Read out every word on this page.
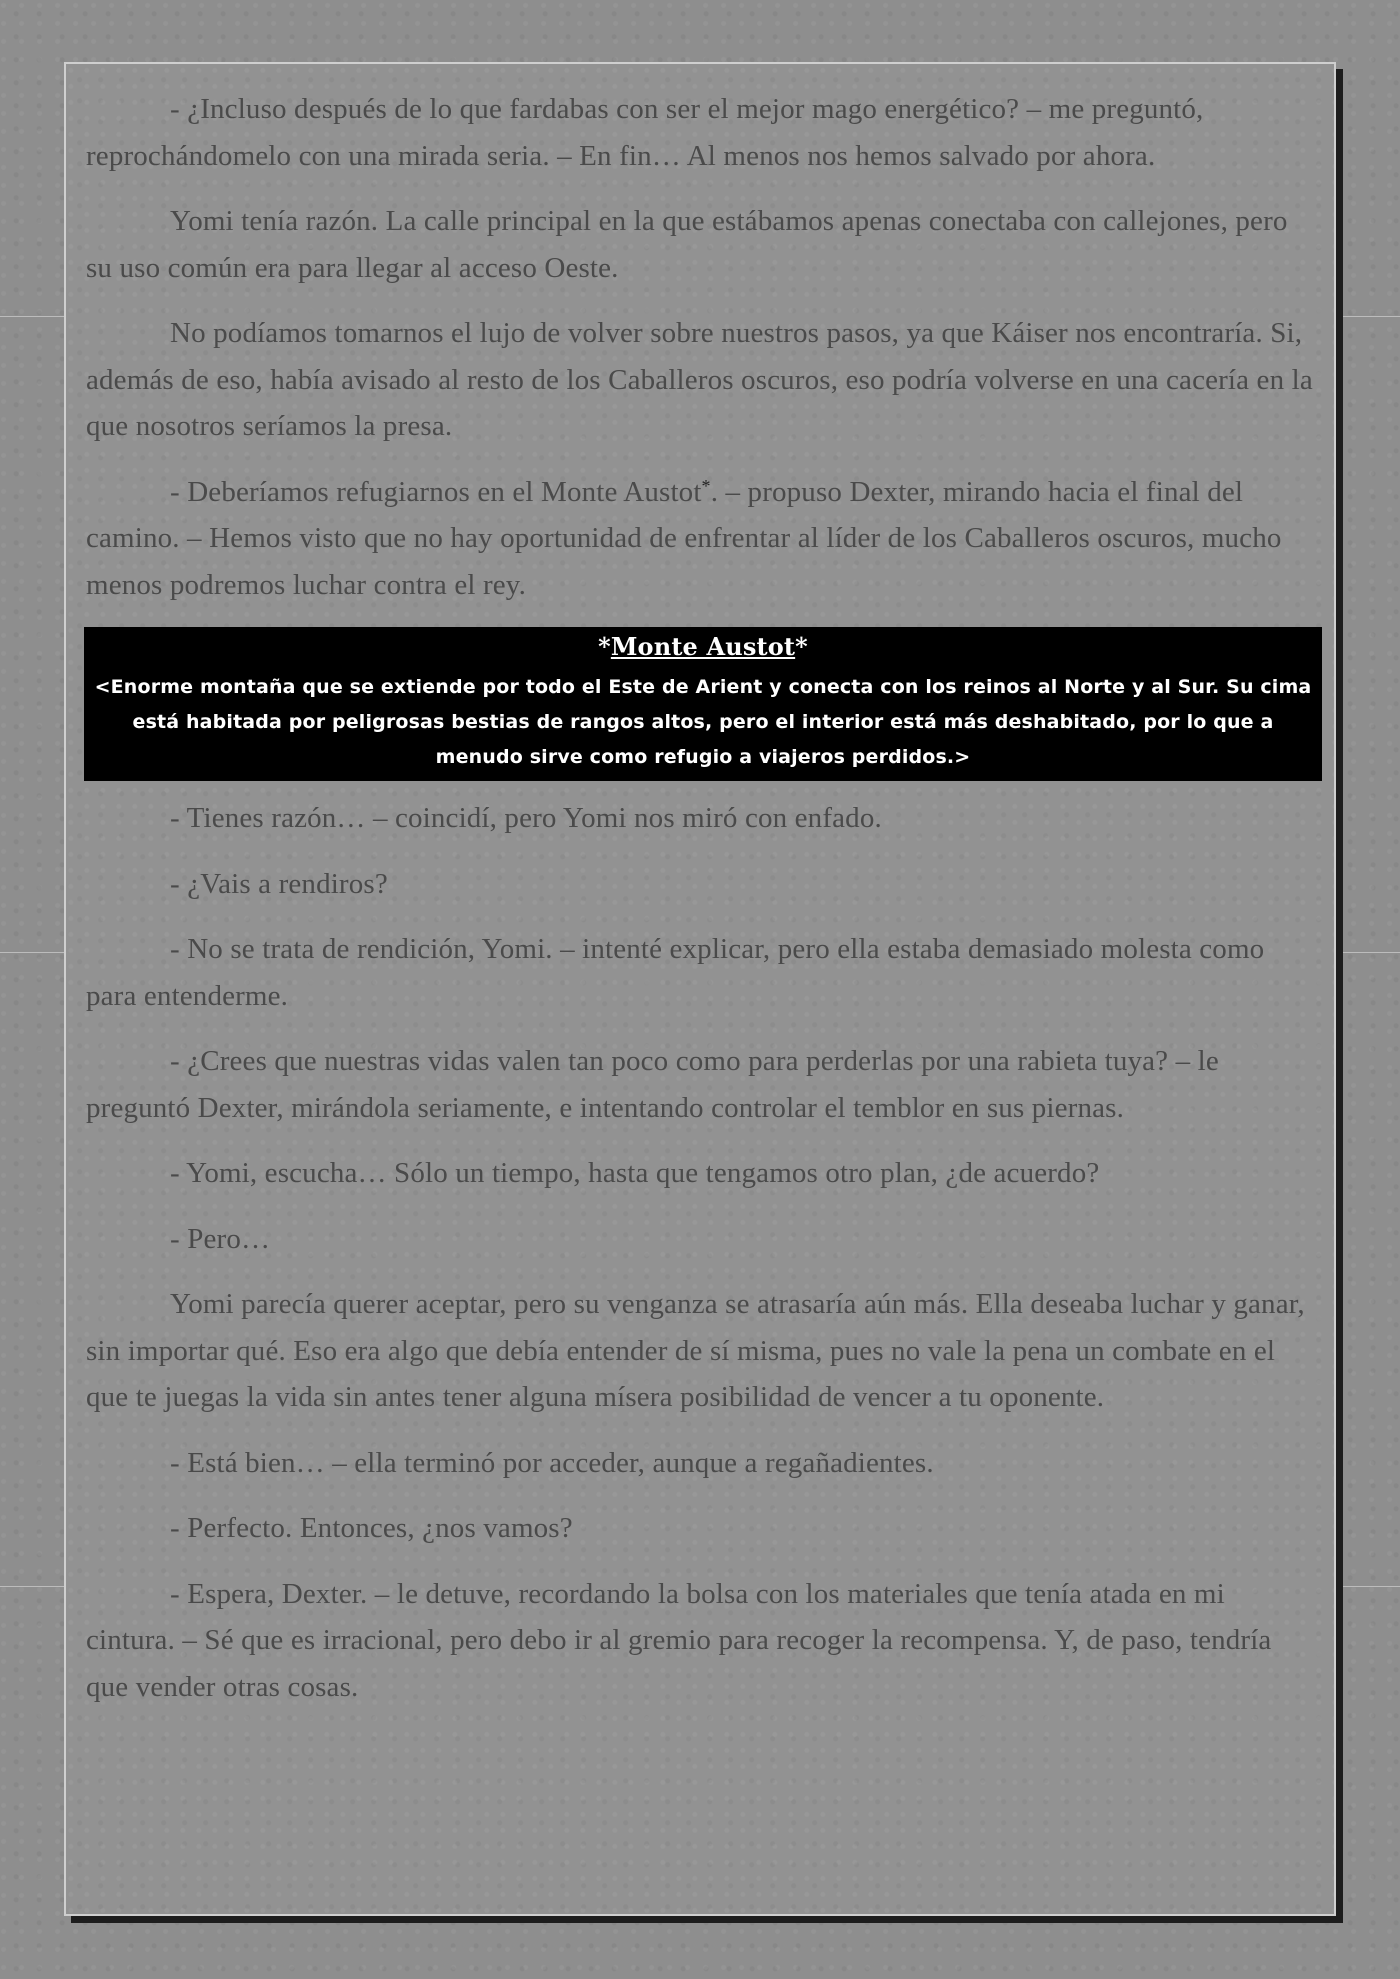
- ¿Incluso después de lo que fardabas con ser el mejor mago energético? – me preguntó, reprochándomelo con una mirada seria. – En fin… Al menos nos hemos salvado por ahora.

Yomi tenía razón. La calle principal en la que estábamos apenas conectaba con callejones, pero su uso común era para llegar al acceso Oeste.

No podíamos tomarnos el lujo de volver sobre nuestros pasos, ya que Káiser nos encontraría. Si, además de eso, había avisado al resto de los Caballeros oscuros, eso podría volverse en una cacería en la que nosotros seríamos la presa.

- Deberíamos refugiarnos en el Monte Austot*. – propuso Dexter, mirando hacia el final del camino. – Hemos visto que no hay oportunidad de enfrentar al líder de los Caballeros oscuros, mucho menos podremos luchar contra el rey.

*Monte Austot*
<Enorme montaña que se extiende por todo el Este de Arient y conecta con los reinos al Norte y al Sur. Su cima está habitada por peligrosas bestias de rangos altos, pero el interior está más deshabitado, por lo que a menudo sirve como refugio a viajeros perdidos.>

- Tienes razón… – coincidí, pero Yomi nos miró con enfado.

- ¿Vais a rendiros?

- No se trata de rendición, Yomi. – intenté explicar, pero ella estaba demasiado molesta como para entenderme.

- ¿Crees que nuestras vidas valen tan poco como para perderlas por una rabieta tuya? – le preguntó Dexter, mirándola seriamente, e intentando controlar el temblor en sus piernas.

- Yomi, escucha… Sólo un tiempo, hasta que tengamos otro plan, ¿de acuerdo?

- Pero…

Yomi parecía querer aceptar, pero su venganza se atrasaría aún más. Ella deseaba luchar y ganar, sin importar qué. Eso era algo que debía entender de sí misma, pues no vale la pena un combate en el que te juegas la vida sin antes tener alguna mísera posibilidad de vencer a tu oponente.

- Está bien… – ella terminó por acceder, aunque a regañadientes.

- Perfecto. Entonces, ¿nos vamos?

- Espera, Dexter. – le detuve, recordando la bolsa con los materiales que tenía atada en mi cintura. – Sé que es irracional, pero debo ir al gremio para recoger la recompensa. Y, de paso, tendría que vender otras cosas.
